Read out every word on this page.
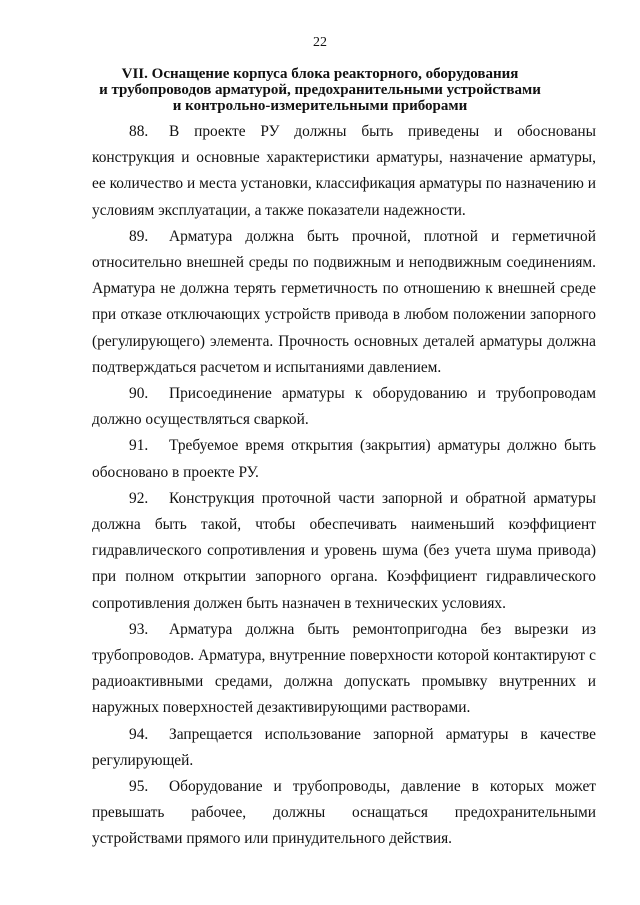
22
VII. Оснащение корпуса блока реакторного, оборудования
и трубопроводов арматурой, предохранительными устройствами
и контрольно-измерительными приборами

88. В проекте РУ должны быть приведены и обоснованы конструкция и основные характеристики арматуры, назначение арматуры, ее количество и места установки, классификация арматуры по назначению и условиям эксплуатации, а также показатели надежности.

89. Арматура должна быть прочной, плотной и герметичной относительно внешней среды по подвижным и неподвижным соединениям. Арматура не должна терять герметичность по отношению к внешней среде при отказе отключающих устройств привода в любом положении запорного (регулирующего) элемента. Прочность основных деталей арматуры должна подтверждаться расчетом и испытаниями давлением.

90. Присоединение арматуры к оборудованию и трубопроводам должно осуществляться сваркой.

91. Требуемое время открытия (закрытия) арматуры должно быть обосновано в проекте РУ.

92. Конструкция проточной части запорной и обратной арматуры должна быть такой, чтобы обеспечивать наименьший коэффициент гидравлического сопротивления и уровень шума (без учета шума привода) при полном открытии запорного органа. Коэффициент гидравлического сопротивления должен быть назначен в технических условиях.

93. Арматура должна быть ремонтопригодна без вырезки из трубопроводов. Арматура, внутренние поверхности которой контактируют с радиоактивными средами, должна допускать промывку внутренних и наружных поверхностей дезактивирующими растворами.

94. Запрещается использование запорной арматуры в качестве регулирующей.

95. Оборудование и трубопроводы, давление в которых может превышать рабочее, должны оснащаться предохранительными устройствами прямого или принудительного действия.
